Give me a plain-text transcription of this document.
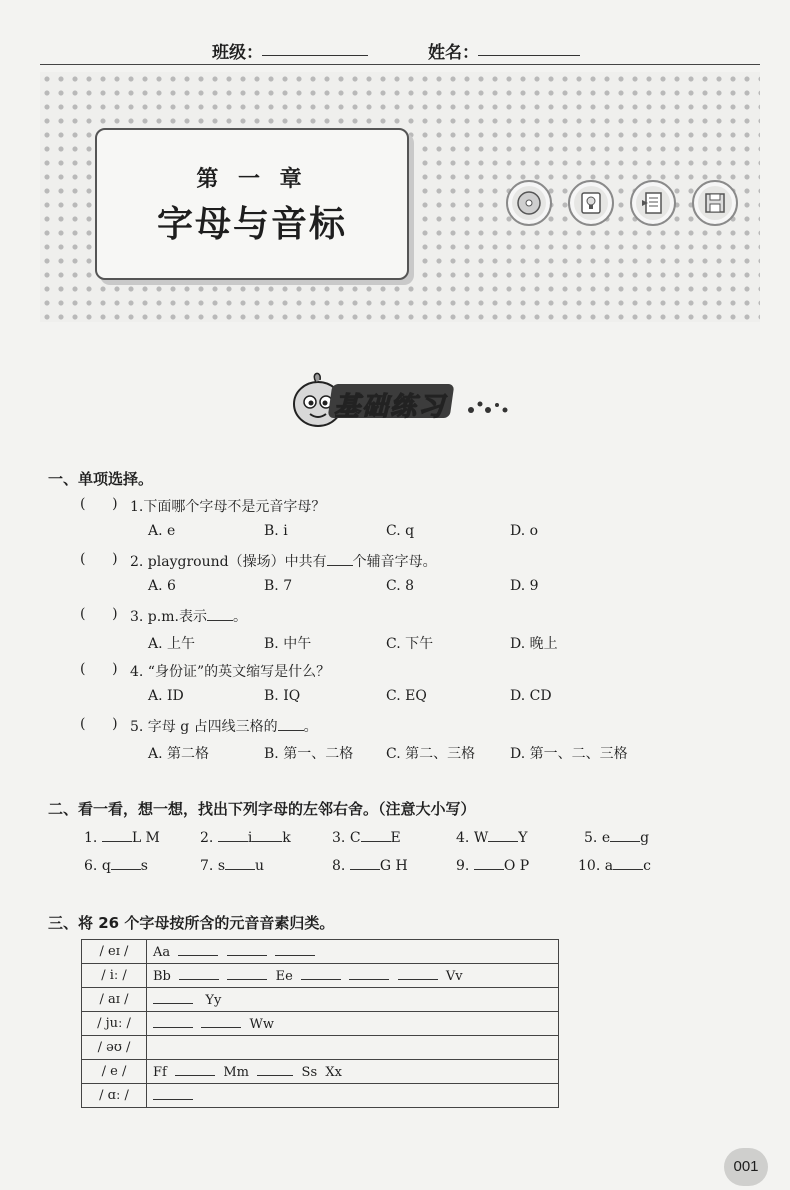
班级：	姓名：
第 一 章
字母与音标
基础练习
一、单项选择。
(      ) 1.下面哪个字母不是元音字母？
A. e	B. i	C. q	D. o
(      ) 2. playground（操场）中共有 个辅音字母。
A. 6	B. 7	C. 8	D. 9
(      ) 3. p.m.表示 。
A. 上午	B. 中午	C. 下午	D. 晚上
(      ) 4. “身份证”的英文缩写是什么？
A. ID	B. IQ	C. EQ	D. CD
(      ) 5. 字母 g 占四线三格的 。
A. 第二格	B. 第一、二格 C. 第二、三格 D. 第一、二、三格
二、看一看，想一想，找出下列字母的左邻右舍。（注意大小写）
1. L M	2. i k	3. C E	4. W Y	5. e g
6. q s	7. s u	8. G H	9. O P	10. a c
三、将 26 个字母按所含的元音音素归类。
/ eɪ /	Aa
/ iː /	Bb Ee Vv
/ aɪ /	Yy
/ juː /	Ww
/ əʊ /	
/ e /	Ff Mm Ss Xx
/ ɑː /	
001
